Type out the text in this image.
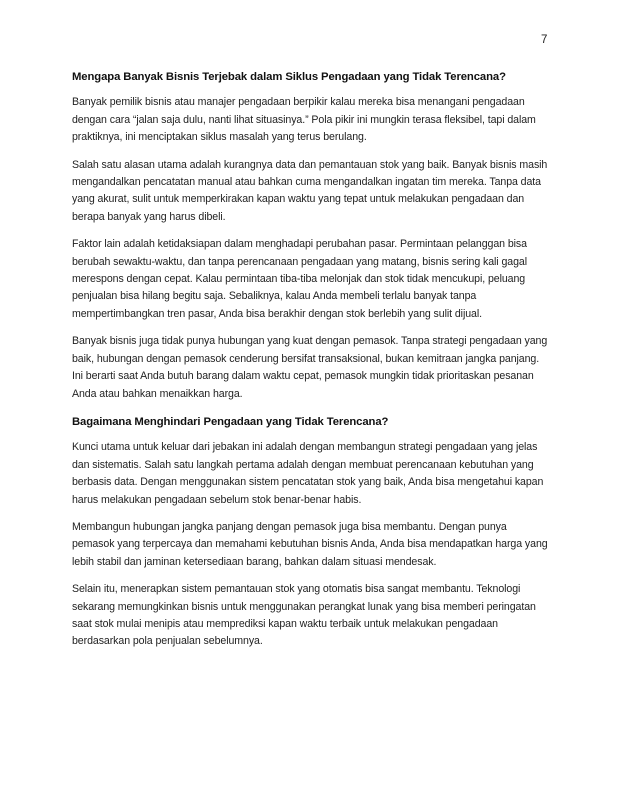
7

Mengapa Banyak Bisnis Terjebak dalam Siklus Pengadaan yang Tidak Terencana?

Banyak pemilik bisnis atau manajer pengadaan berpikir kalau mereka bisa menangani pengadaan dengan cara “jalan saja dulu, nanti lihat situasinya.” Pola pikir ini mungkin terasa fleksibel, tapi dalam praktiknya, ini menciptakan siklus masalah yang terus berulang.

Salah satu alasan utama adalah kurangnya data dan pemantauan stok yang baik. Banyak bisnis masih mengandalkan pencatatan manual atau bahkan cuma mengandalkan ingatan tim mereka. Tanpa data yang akurat, sulit untuk memperkirakan kapan waktu yang tepat untuk melakukan pengadaan dan berapa banyak yang harus dibeli.

Faktor lain adalah ketidaksiapan dalam menghadapi perubahan pasar. Permintaan pelanggan bisa berubah sewaktu-waktu, dan tanpa perencanaan pengadaan yang matang, bisnis sering kali gagal merespons dengan cepat. Kalau permintaan tiba-tiba melonjak dan stok tidak mencukupi, peluang penjualan bisa hilang begitu saja. Sebaliknya, kalau Anda membeli terlalu banyak tanpa mempertimbangkan tren pasar, Anda bisa berakhir dengan stok berlebih yang sulit dijual.

Banyak bisnis juga tidak punya hubungan yang kuat dengan pemasok. Tanpa strategi pengadaan yang baik, hubungan dengan pemasok cenderung bersifat transaksional, bukan kemitraan jangka panjang. Ini berarti saat Anda butuh barang dalam waktu cepat, pemasok mungkin tidak prioritaskan pesanan Anda atau bahkan menaikkan harga.

Bagaimana Menghindari Pengadaan yang Tidak Terencana?

Kunci utama untuk keluar dari jebakan ini adalah dengan membangun strategi pengadaan yang jelas dan sistematis. Salah satu langkah pertama adalah dengan membuat perencanaan kebutuhan yang berbasis data. Dengan menggunakan sistem pencatatan stok yang baik, Anda bisa mengetahui kapan harus melakukan pengadaan sebelum stok benar-benar habis.

Membangun hubungan jangka panjang dengan pemasok juga bisa membantu. Dengan punya pemasok yang terpercaya dan memahami kebutuhan bisnis Anda, Anda bisa mendapatkan harga yang lebih stabil dan jaminan ketersediaan barang, bahkan dalam situasi mendesak.

Selain itu, menerapkan sistem pemantauan stok yang otomatis bisa sangat membantu. Teknologi sekarang memungkinkan bisnis untuk menggunakan perangkat lunak yang bisa memberi peringatan saat stok mulai menipis atau memprediksi kapan waktu terbaik untuk melakukan pengadaan berdasarkan pola penjualan sebelumnya.
